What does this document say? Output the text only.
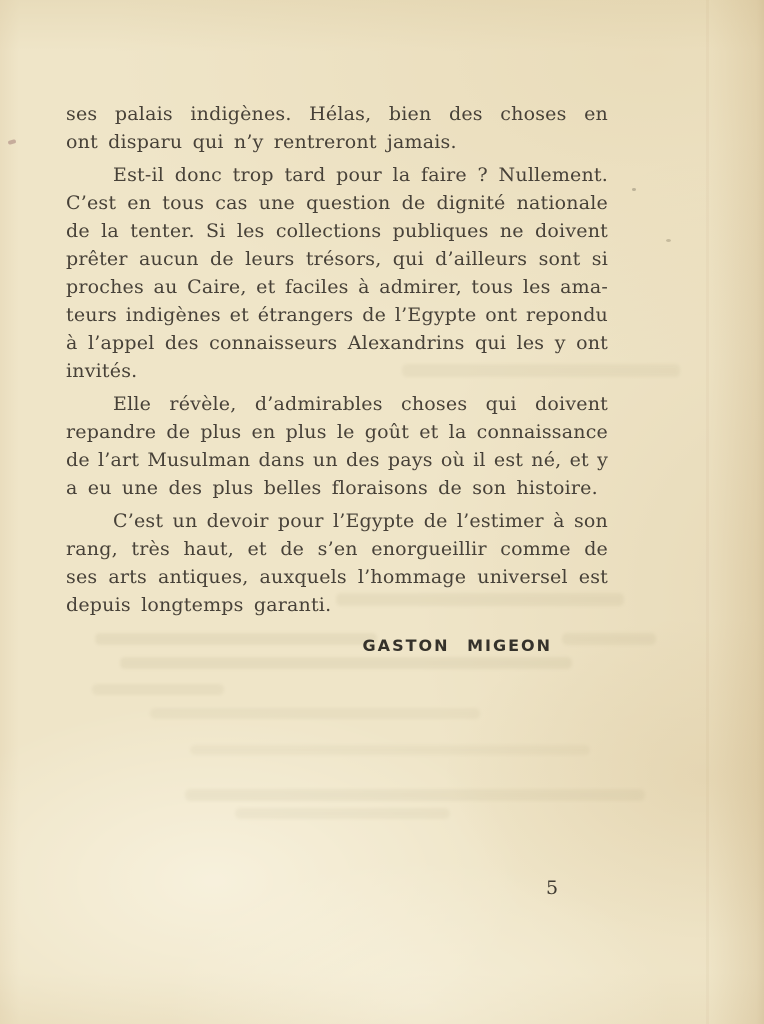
ses palais indigènes. Hélas, bien des choses en
ont disparu qui n’y rentreront jamais.
Est-il donc trop tard pour la faire ? Nullement.
C’est en tous cas une question de dignité nationale
de la tenter. Si les collections publiques ne doivent
prêter aucun de leurs trésors, qui d’ailleurs sont si
proches au Caire, et faciles à admirer, tous les ama-
teurs indigènes et étrangers de l’Egypte ont repondu
à l’appel des connaisseurs Alexandrins qui les y ont
invités.
Elle révèle, d’admirables choses qui doivent
repandre de plus en plus le goût et la connaissance
de l’art Musulman dans un des pays où il est né, et y
a eu une des plus belles floraisons de son histoire.
C’est un devoir pour l’Egypte de l’estimer à son
rang, très haut, et de s’en enorgueillir comme de
ses arts antiques, auxquels l’hommage universel est
depuis longtemps garanti.
GASTON MIGEON
5
